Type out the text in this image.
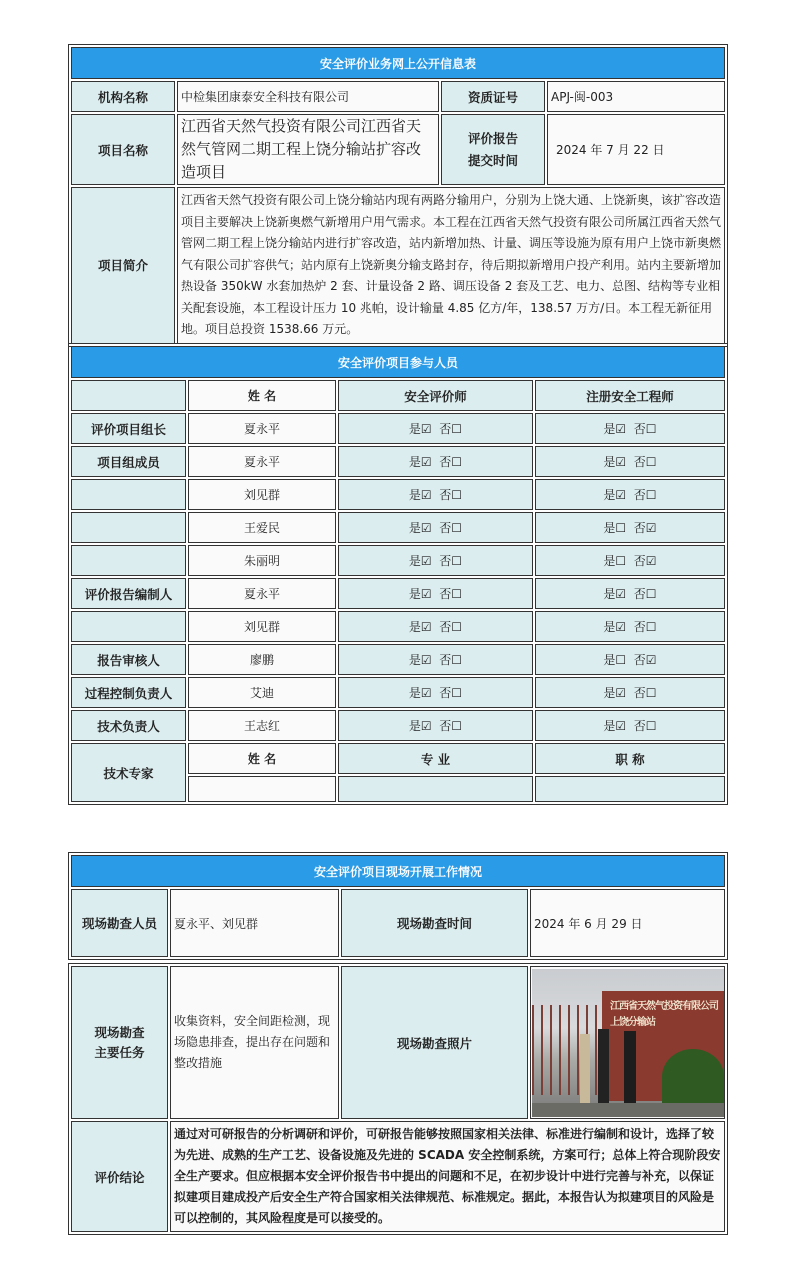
安全评价业务网上公开信息表			
机构名称	中检集团康泰安全科技有限公司	资质证号	APJ-闽-003
项目名称	江西省天然气投资有限公司江西省天然气管网二期工程上饶分输站扩容改造项目	评价报告提交时间	2024 年 7 月 22 日
项目简介	江西省天然气投资有限公司上饶分输站内现有两路分输用户，分别为上饶大通、上饶新奥，该扩容改造项目主要解决上饶新奥燃气新增用户用气需求。本工程在江西省天然气投资有限公司所属江西省天然气管网二期工程上饶分输站内进行扩容改造，站内新增加热、计量、调压等设施为原有用户上饶市新奥燃气有限公司扩容供气；站内原有上饶新奥分输支路封存，待后期拟新增用户投产利用。站内主要新增加热设备 350kW 水套加热炉 2 套、计量设备 2 路、调压设备 2 套及工艺、电力、总图、结构等专业相关配套设施，本工程设计压力 10 兆帕，设计输量 4.85 亿方/年，138.57 万方/日。本工程无新征用地。项目总投资 1538.66 万元。		
安全评价项目参与人员			
	姓 名	安全评价师	注册安全工程师
评价项目组长	夏永平	是☑  否☐	是☑  否☐
项目组成员	夏永平	是☑  否☐	是☑  否☐
	刘见群	是☑  否☐	是☑  否☐
	王爱民	是☑  否☐	是☐  否☑
	朱丽明	是☑  否☐	是☐  否☑
评价报告编制人	夏永平	是☑  否☐	是☑  否☐
	刘见群	是☑  否☐	是☑  否☐
报告审核人	廖鹏	是☑  否☐	是☐  否☑
过程控制负责人	艾迪	是☑  否☐	是☑  否☐
技术负责人	王志红	是☑  否☐	是☑  否☐
技术专家	姓 名	专 业	职 称

安全评价项目现场开展工作情况
现场勘查人员	夏永平、刘见群	现场勘查时间	2024 年 6 月 29 日
现场勘查主要任务	收集资料，安全间距检测，现场隐患排查，提出存在问题和整改措施	现场勘查照片	江西省天然气投资有限公司上饶分输站

评价结论	通过对可研报告的分析调研和评价，可研报告能够按照国家相关法律、标准进行编制和设计，选择了较为先进、成熟的生产工艺、设备设施及先进的 SCADA 安全控制系统，方案可行；总体上符合现阶段安全生产要求。但应根据本安全评价报告书中提出的问题和不足，在初步设计中进行完善与补充，以保证拟建项目建成投产后安全生产符合国家相关法律规范、标准规定。据此，本报告认为拟建项目的风险是可以控制的，其风险程度是可以接受的。		
